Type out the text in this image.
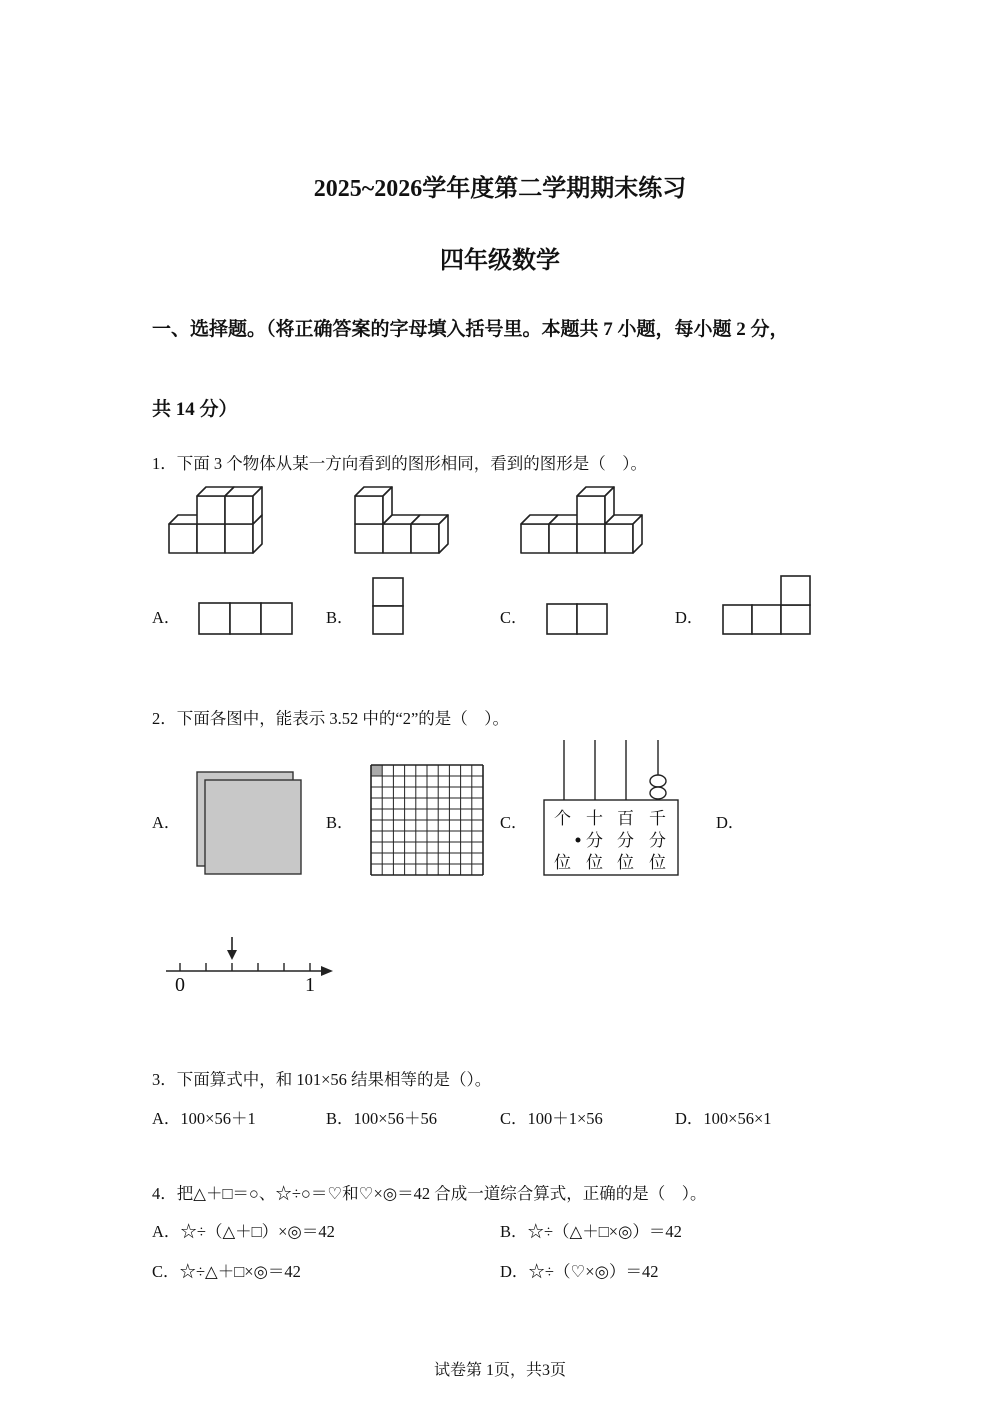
2025~2026学年度第二学期期末练习
四年级数学
一、选择题。（将正确答案的字母填入括号里。本题共 7 小题，每小题 2 分，
共 14 分）
1．下面 3 个物体从某一方向看到的图形相同，看到的图形是（　）。
A．	B．	C．	D．
2．下面各图中，能表示 3.52 中的“2”的是（　）。
A．	B．	C．	D．
个 十 百 千
分 分 分
位 位 位 位
0	1
3．下面算式中，和 101×56 结果相等的是（）。
A．100×56＋1	B．100×56＋56	C．100＋1×56	D．100×56×1
4．把△＋□＝○、☆÷○＝♡和♡×◎＝42 合成一道综合算式，正确的是（　）。
A．☆÷（△＋□）×◎＝42	B．☆÷（△＋□×◎）＝42
C．☆÷△＋□×◎＝42	D．☆÷（♡×◎）＝42
试卷第 1页，共3页
